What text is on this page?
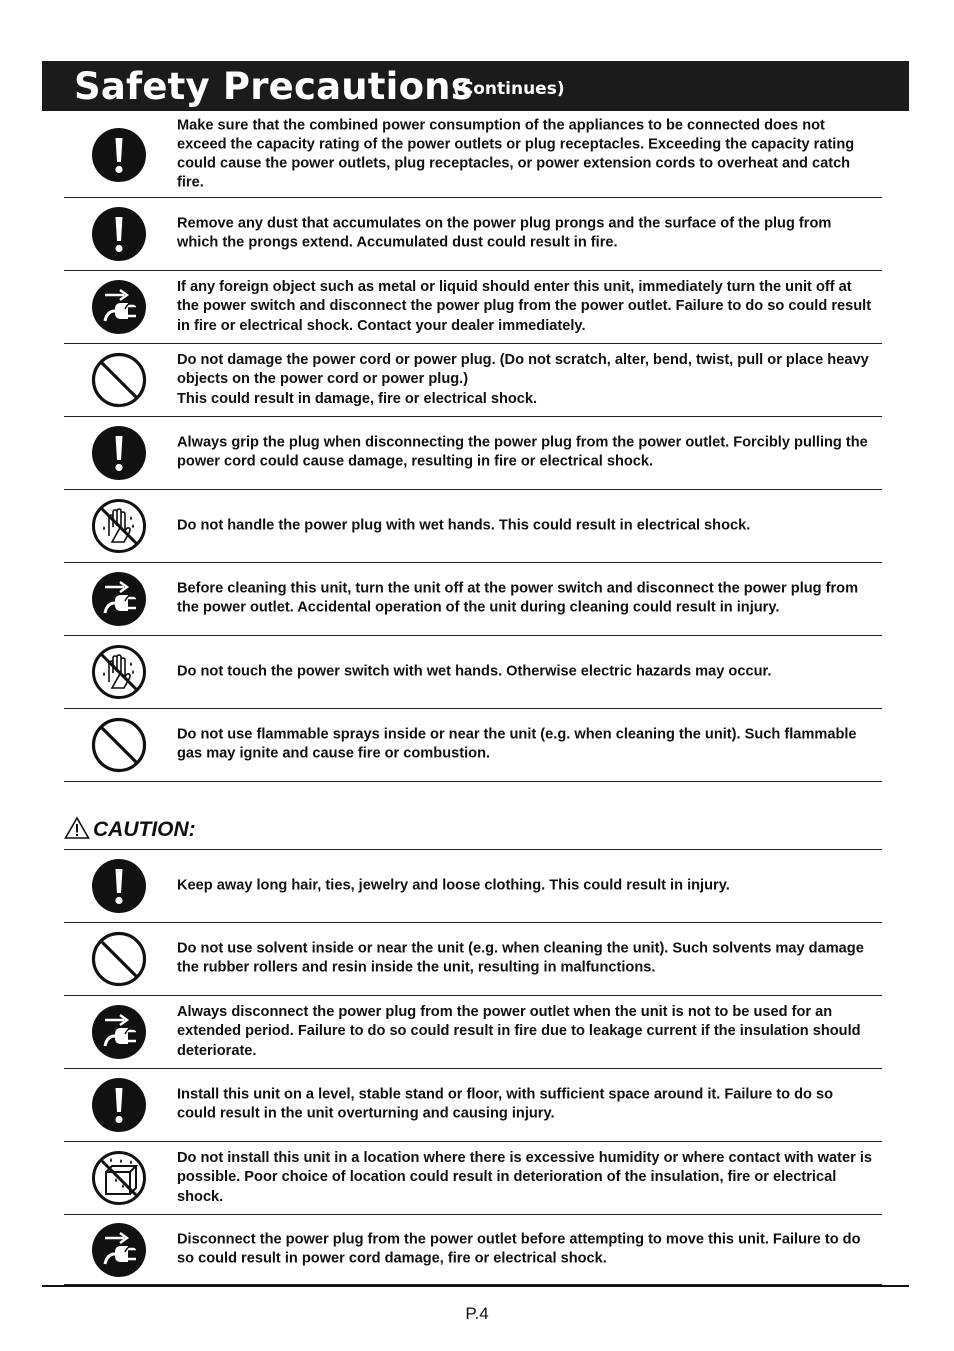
Safety Precautions
(Continues)
Make sure that the combined power consumption of the appliances to be connected does not exceed the capacity rating of the power outlets or plug receptacles. Exceeding the capacity rating could cause the power outlets, plug receptacles, or power extension cords to overheat and catch fire.
Remove any dust that accumulates on the power plug prongs and the surface of the plug from which the prongs extend. Accumulated dust could result in fire.
If any foreign object such as metal or liquid should enter this unit, immediately turn the unit off at the power switch and disconnect the power plug from the power outlet. Failure to do so could result in fire or electrical shock. Contact your dealer immediately.
Do not damage the power cord or power plug. (Do not scratch, alter, bend, twist, pull or place heavy objects on the power cord or power plug.)
This could result in damage, fire or electrical shock.
Always grip the plug when disconnecting the power plug from the power outlet. Forcibly pulling the power cord could cause damage, resulting in fire or electrical shock.
Do not handle the power plug with wet hands. This could result in electrical shock.
Before cleaning this unit, turn the unit off at the power switch and disconnect the power plug from the power outlet. Accidental operation of the unit during cleaning could result in injury.
Do not touch the power switch with wet hands. Otherwise electric hazards may occur.
Do not use flammable sprays inside or near the unit (e.g. when cleaning the unit). Such flammable gas may ignite and cause fire or combustion.
CAUTION:
Keep away long hair, ties, jewelry and loose clothing. This could result in injury.
Do not use solvent inside or near the unit (e.g. when cleaning the unit). Such solvents may damage the rubber rollers and resin inside the unit, resulting in malfunctions.
Always disconnect the power plug from the power outlet when the unit is not to be used for an extended period. Failure to do so could result in fire due to leakage current if the insulation should deteriorate.
Install this unit on a level, stable stand or floor, with sufficient space around it. Failure to do so could result in the unit overturning and causing injury.
Do not install this unit in a location where there is excessive humidity or where contact with water is possible. Poor choice of location could result in deterioration of the insulation, fire or electrical shock.
Disconnect the power plug from the power outlet before attempting to move this unit. Failure to do so could result in power cord damage, fire or electrical shock.
P.4
